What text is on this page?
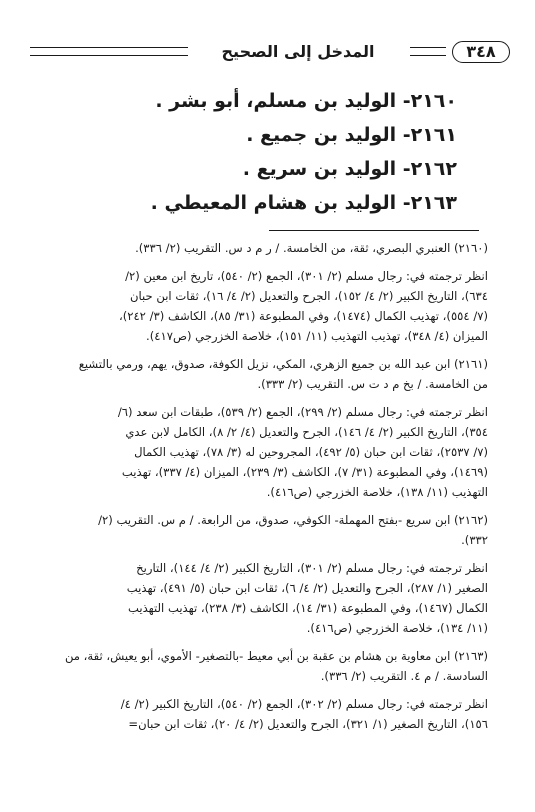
٣٤٨
المدخل إلى الصحيح
٢١٦٠- الوليد بن مسلم، أبو بشر .
٢١٦١- الوليد بن جميع .
٢١٦٢- الوليد بن سريع .
٢١٦٣- الوليد بن هشام المعيطي .
(٢١٦٠) العنبري البصري، ثقة، من الخامسة. / ر م د س. التقريب (٢/ ٣٣٦).
انظر ترجمته في: رجال مسلم (٢/ ٣٠١)، الجمع (٢/ ٥٤٠)، تاريخ ابن معين (٢/
٦٣٤)، التاريخ الكبير (٢/ ٤/ ١٥٢)، الجرح والتعديل (٢/ ٤/ ١٦)، ثقات ابن حبان
(٧/ ٥٥٤)، تهذيب الكمال (١٤٧٤)، وفي المطبوعة (٣١/ ٨٥)، الكاشف (٣/ ٢٤٢)،
الميزان (٤/ ٣٤٨)، تهذيب التهذيب (١١/ ١٥١)، خلاصة الخزرجي (ص٤١٧).
(٢١٦١) ابن عبد الله بن جميع الزهري، المكي، نزيل الكوفة، صدوق، يهم، ورمي بالتشيع
من الخامسة. / بخ م د ت س. التقريب (٢/ ٣٣٣).
انظر ترجمته في: رجال مسلم (٢/ ٢٩٩)، الجمع (٢/ ٥٣٩)، طبقات ابن سعد (٦/
٣٥٤)، التاريخ الكبير (٢/ ٤/ ١٤٦)، الجرح والتعديل (٤/ ٢/ ٨)، الكامل لابن عدي
(٧/ ٢٥٣٧)، ثقات ابن حبان (٥/ ٤٩٢)، المجروحين له (٣/ ٧٨)، تهذيب الكمال
(١٤٦٩)، وفي المطبوعة (٣١/ ٧)، الكاشف (٣/ ٢٣٩)، الميزان (٤/ ٣٣٧)، تهذيب
التهذيب (١١/ ١٣٨)، خلاصة الخزرجي (ص٤١٦).
(٢١٦٢) ابن سريع -بفتح المهملة- الكوفي، صدوق، من الرابعة. / م س. التقريب (٢/
٣٣٢).
انظر ترجمته في: رجال مسلم (٢/ ٣٠١)، التاريخ الكبير (٢/ ٤/ ١٤٤)، التاريخ
الصغير (١/ ٢٨٧)، الجرح والتعديل (٢/ ٤/ ٦)، ثقات ابن حبان (٥/ ٤٩١)، تهذيب
الكمال (١٤٦٧)، وفي المطبوعة (٣١/ ١٤)، الكاشف (٣/ ٢٣٨)، تهذيب التهذيب
(١١/ ١٣٤)، خلاصة الخزرجي (ص٤١٦).
(٢١٦٣) ابن معاوية بن هشام بن عقبة بن أبي معيط -بالتصغير- الأموي، أبو يعيش، ثقة، من
السادسة. / م ٤. التقريب (٢/ ٣٣٦).
انظر ترجمته في: رجال مسلم (٢/ ٣٠٢)، الجمع (٢/ ٥٤٠)، التاريخ الكبير (٢/ ٤/
١٥٦)، التاريخ الصغير (١/ ٣٢١)، الجرح والتعديل (٢/ ٤/ ٢٠)، ثقات ابن حبان=
